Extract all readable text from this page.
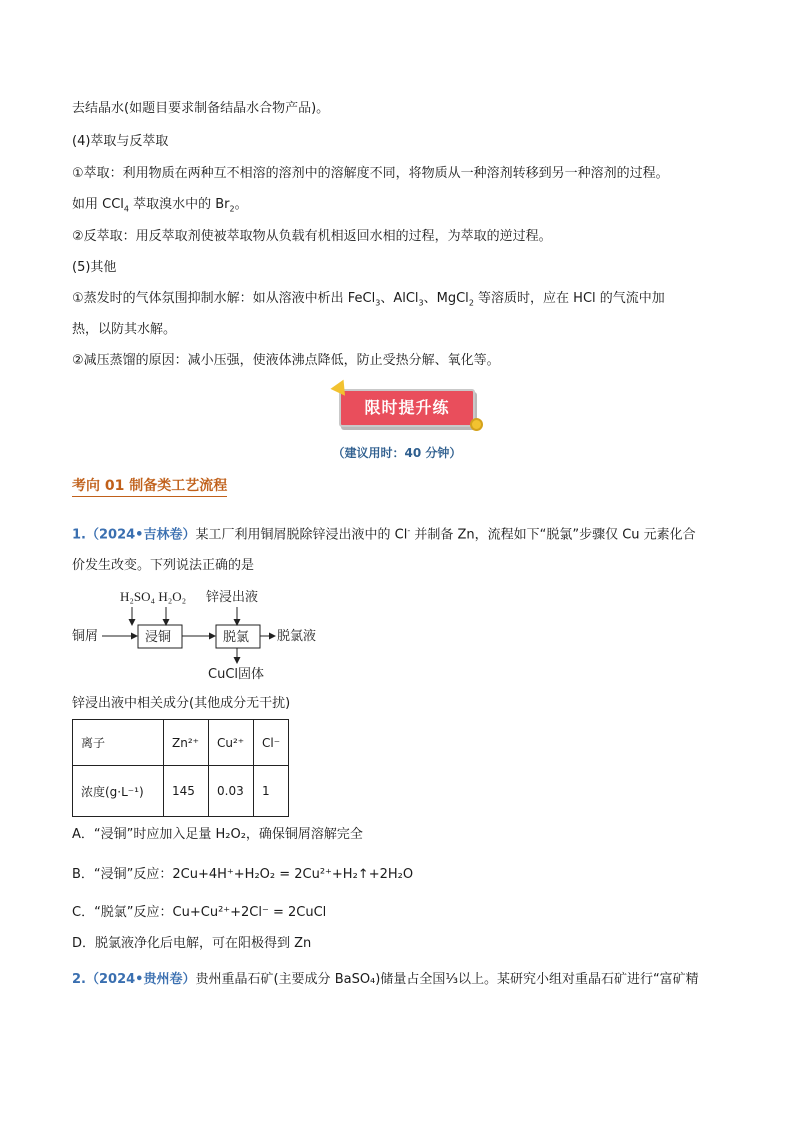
去结晶水(如题目要求制备结晶水合物产品)。
(4)萃取与反萃取
①萃取：利用物质在两种互不相溶的溶剂中的溶解度不同，将物质从一种溶剂转移到另一种溶剂的过程。
如用 CCl$_4$ 萃取溴水中的 $Br_2$。
②反萃取：用反萃取剂使被萃取物从负载有机相返回水相的过程，为萃取的逆过程。
(5)其他
①蒸发时的气体氛围抑制水解：如从溶液中析出 FeCl$_3$、AlCl$_3$、MgCl$_2$ 等溶质时，应在 HCl 的气流中加
热，以防其水解。
②减压蒸馏的原因：减小压强，使液体沸点降低，防止受热分解、氧化等。
限时提升练
（建议用时：40 分钟）
考向 01 制备类工艺流程
1.（2024•吉林卷）某工厂利用铜屑脱除锌浸出液中的 Cl- 并制备 Zn，流程如下“脱氯”步骤仅 Cu 元素化合
价发生改变。下列说法正确的是
H₂SO₄ H₂O₂ 锌浸出液
铜屑	浸铜	脱氯 脱氯液
CuCl固体
锌浸出液中相关成分(其他成分无干扰)
离子	Zn²⁺	Cu²⁺	Cl⁻
浓度(g·L⁻¹)	145	0.03	1
A．“浸铜”时应加入足量 H₂O₂，确保铜屑溶解完全
B．“浸铜”反应：2Cu+4H⁺+H₂O₂ = 2Cu²⁺+H₂↑+2H₂O
C．“脱氯”反应：Cu+Cu²⁺+2Cl⁻ = 2CuCl
D．脱氯液净化后电解，可在阳极得到 Zn
2.（2024•贵州卷）贵州重晶石矿(主要成分 BaSO₄)储量占全国⅓以上。某研究小组对重晶石矿进行“富矿精
